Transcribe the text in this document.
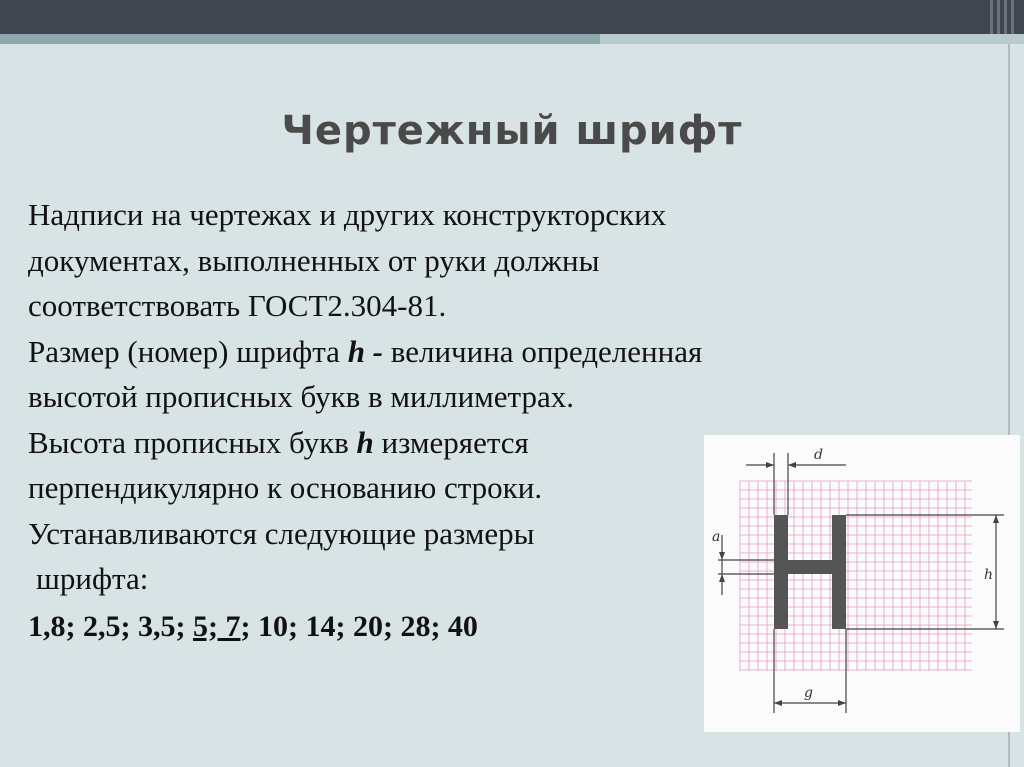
Чертежный шрифт
Надписи на чертежах и других конструкторских
документах, выполненных от руки должны
соответствовать ГОСТ2.304-81.
Размер (номер) шрифта h - величина определенная
высотой прописных букв в миллиметрах.
Высота прописных букв h измеряется
перпендикулярно к основанию строки.
Устанавливаются следующие размеры
шрифта:
1,8; 2,5; 3,5; 5; 7; 10; 14; 20; 28; 40
d
a
h
g
